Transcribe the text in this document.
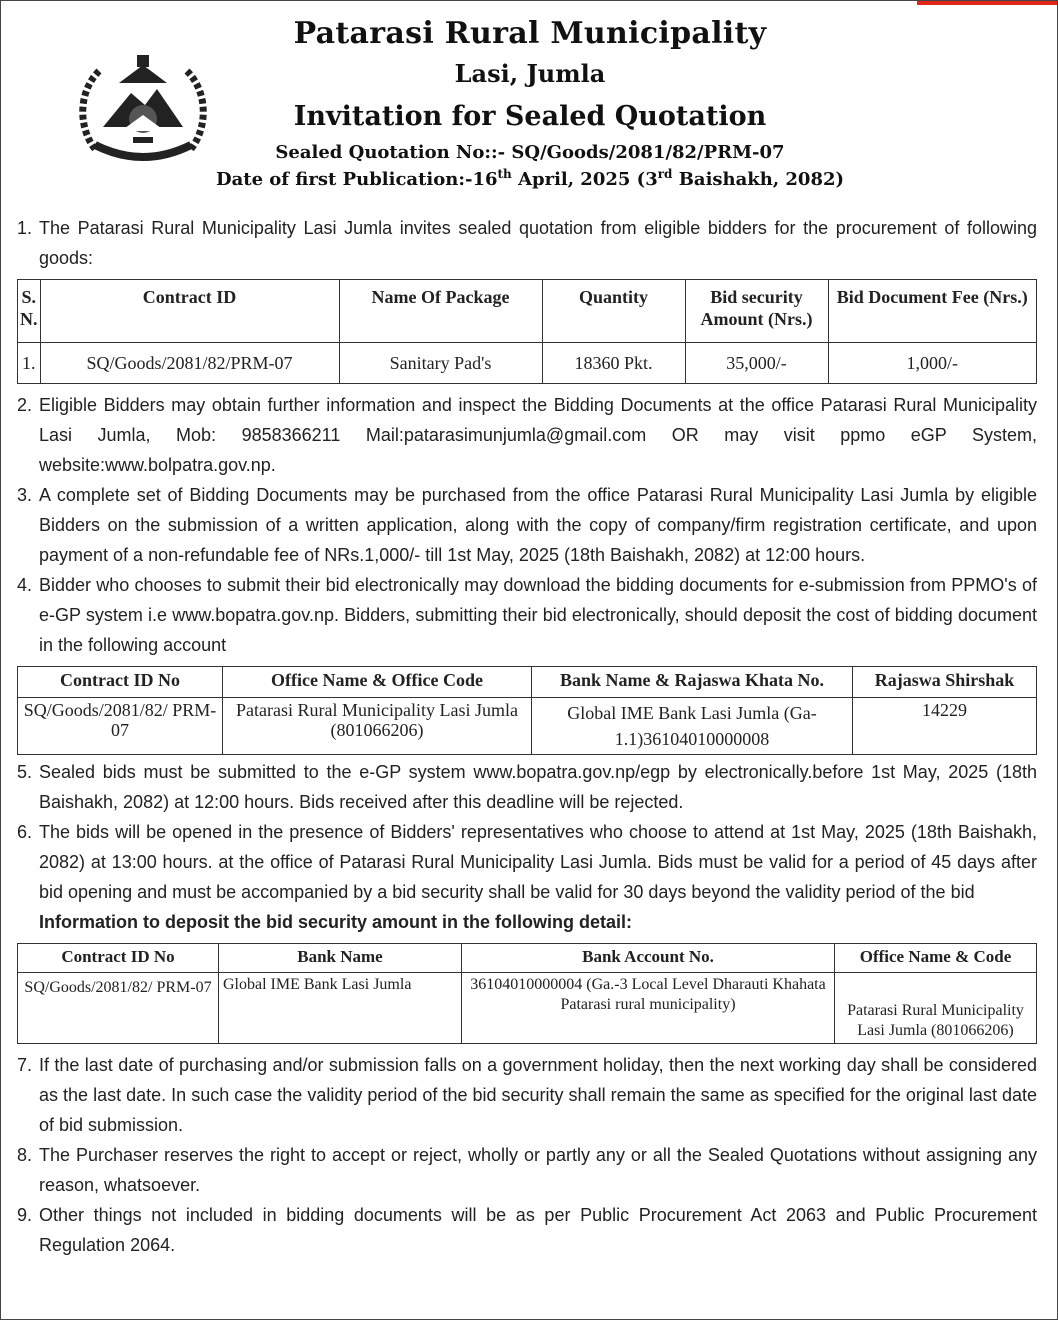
Patarasi Rural Municipality
Lasi, Jumla
Invitation for Sealed Quotation
Sealed Quotation No::- SQ/Goods/2081/82/PRM-07
Date of first Publication:-16th April, 2025 (3rd Baishakh, 2082)
1. The Patarasi Rural Municipality Lasi Jumla invites sealed quotation from eligible bidders for the procurement of following goods:
S. N.	Contract ID	Name Of Package	Quantity	Bid security Amount (Nrs.)	Bid Document Fee (Nrs.)
1.	SQ/Goods/2081/82/PRM-07	Sanitary Pad's	18360 Pkt.	35,000/-	1,000/-
2. Eligible Bidders may obtain further information and inspect the Bidding Documents at the office Patarasi Rural Municipality Lasi Jumla, Mob: 9858366211 Mail:patarasimunjumla@gmail.com OR may visit ppmo eGP System, website:www.bolpatra.gov.np.
3. A complete set of Bidding Documents may be purchased from the office Patarasi Rural Municipality Lasi Jumla by eligible Bidders on the submission of a written application, along with the copy of company/firm registration certificate, and upon payment of a non-refundable fee of NRs.1,000/- till 1st May, 2025 (18th Baishakh, 2082) at 12:00 hours.
4. Bidder who chooses to submit their bid electronically may download the bidding documents for e-submission from PPMO's of e-GP system i.e www.bopatra.gov.np. Bidders, submitting their bid electronically, should deposit the cost of bidding document in the following account
Contract ID No	Office Name & Office Code	Bank Name & Rajaswa Khata No.	Rajaswa Shirshak
SQ/Goods/2081/82/ PRM-07	Patarasi Rural Municipality Lasi Jumla (801066206)	Global IME Bank Lasi Jumla (Ga-1.1)36104010000008	14229
5. Sealed bids must be submitted to the e-GP system www.bopatra.gov.np/egp by electronically.before 1st May, 2025 (18th Baishakh, 2082) at 12:00 hours. Bids received after this deadline will be rejected.
6. The bids will be opened in the presence of Bidders' representatives who choose to attend at 1st May, 2025 (18th Baishakh, 2082) at 13:00 hours. at the office of Patarasi Rural Municipality Lasi Jumla. Bids must be valid for a period of 45 days after bid opening and must be accompanied by a bid security shall be valid for 30 days beyond the validity period of the bid
Information to deposit the bid security amount in the following detail:
Contract ID No	Bank Name	Bank Account No.	Office Name & Code
SQ/Goods/2081/82/ PRM-07	Global IME Bank Lasi Jumla	36104010000004 (Ga.-3 Local Level Dharauti Khahata Patarasi rural municipality)	Patarasi Rural Municipality Lasi Jumla (801066206)
7. If the last date of purchasing and/or submission falls on a government holiday, then the next working day shall be considered as the last date. In such case the validity period of the bid security shall remain the same as specified for the original last date of bid submission.
8. The Purchaser reserves the right to accept or reject, wholly or partly any or all the Sealed Quotations without assigning any reason, whatsoever.
9. Other things not included in bidding documents will be as per Public Procurement Act 2063 and Public Procurement Regulation 2064.
